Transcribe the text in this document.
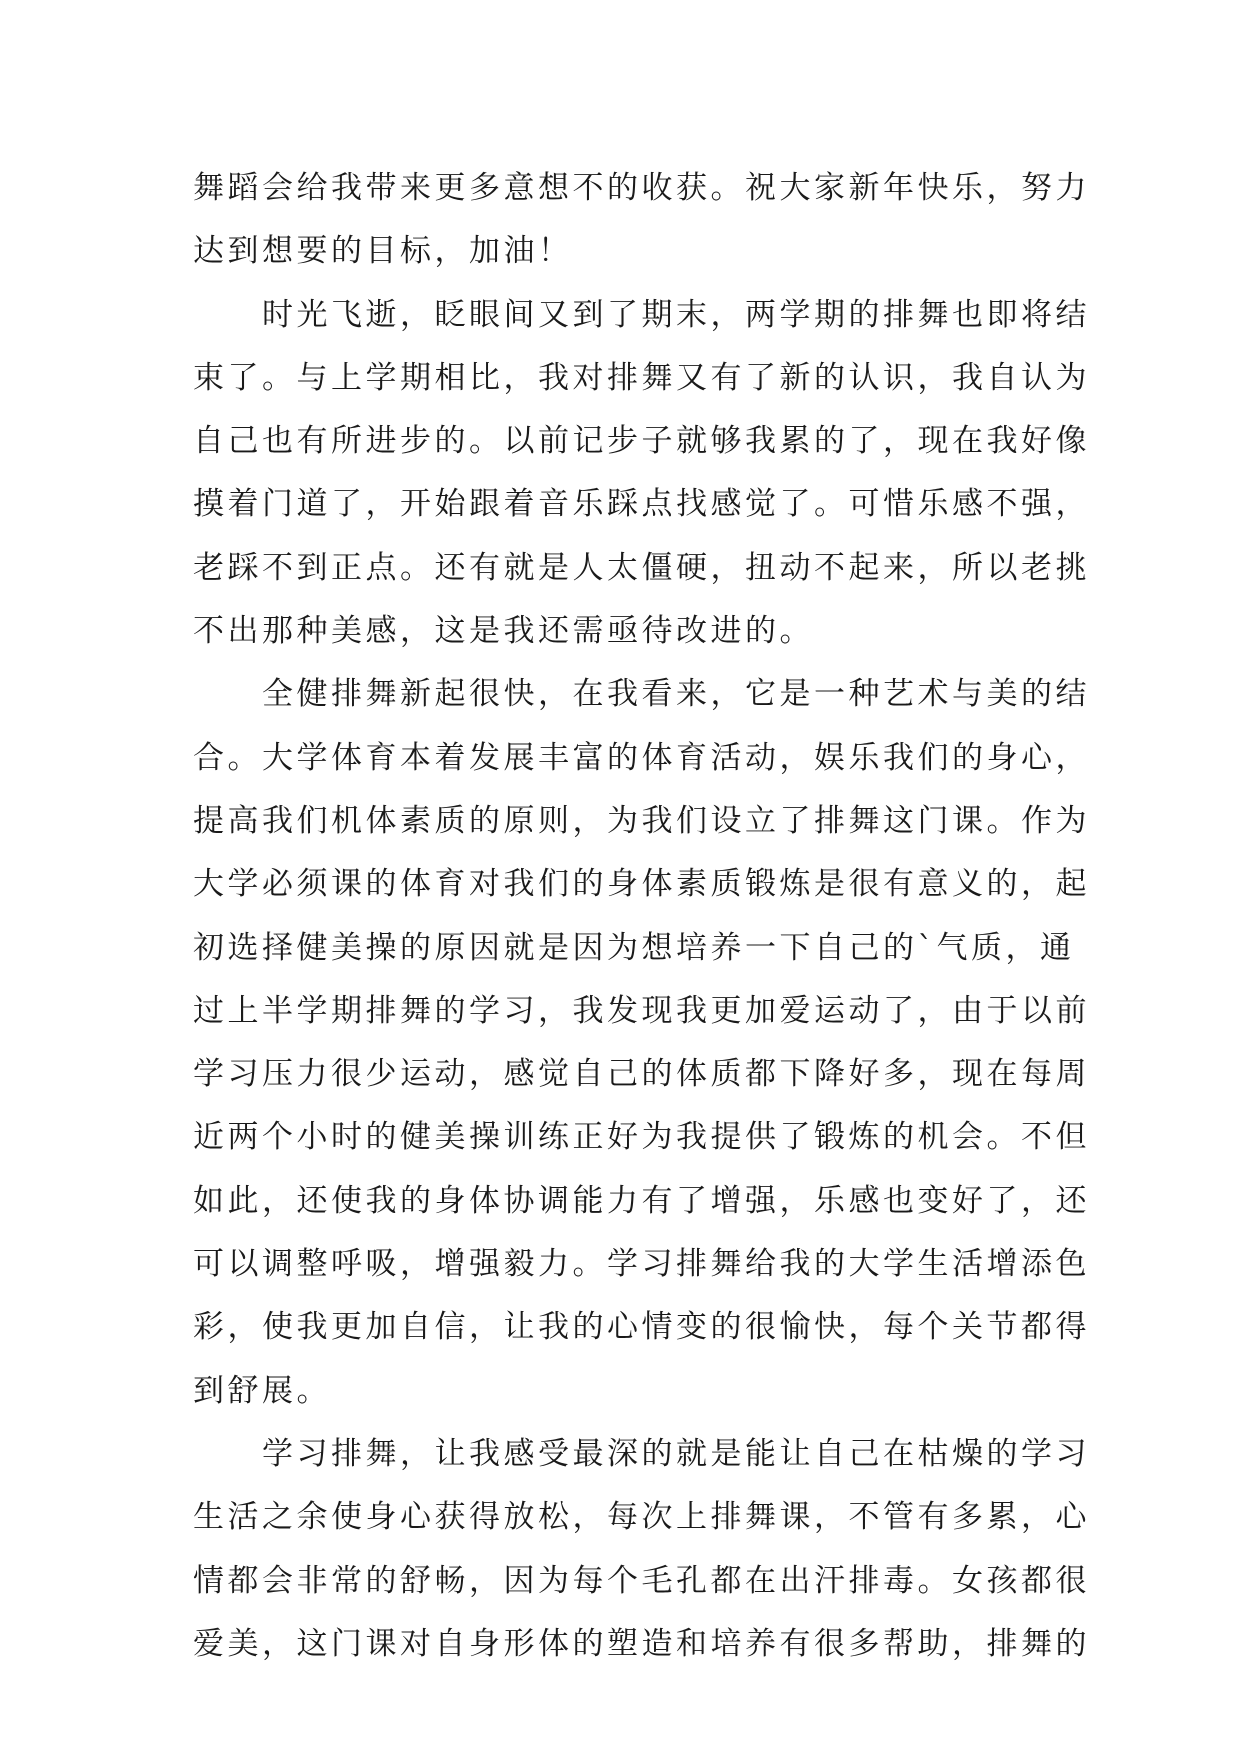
舞蹈会给我带来更多意想不的收获。祝大家新年快乐，努力
达到想要的目标，加油！
时光飞逝，眨眼间又到了期末，两学期的排舞也即将结
束了。与上学期相比，我对排舞又有了新的认识，我自认为
自己也有所进步的。以前记步子就够我累的了，现在我好像
摸着门道了，开始跟着音乐踩点找感觉了。可惜乐感不强，
老踩不到正点。还有就是人太僵硬，扭动不起来，所以老挑
不出那种美感，这是我还需亟待改进的。
全健排舞新起很快，在我看来，它是一种艺术与美的结
合。大学体育本着发展丰富的体育活动，娱乐我们的身心，
提高我们机体素质的原则，为我们设立了排舞这门课。作为
大学必须课的体育对我们的身体素质锻炼是很有意义的，起
初选择健美操的原因就是因为想培养一下自己的`气质，通
过上半学期排舞的学习，我发现我更加爱运动了，由于以前
学习压力很少运动，感觉自己的体质都下降好多，现在每周
近两个小时的健美操训练正好为我提供了锻炼的机会。不但
如此，还使我的身体协调能力有了增强，乐感也变好了，还
可以调整呼吸，增强毅力。学习排舞给我的大学生活增添色
彩，使我更加自信，让我的心情变的很愉快，每个关节都得
到舒展。
学习排舞，让我感受最深的就是能让自己在枯燥的学习
生活之余使身心获得放松，每次上排舞课，不管有多累，心
情都会非常的舒畅，因为每个毛孔都在出汗排毒。女孩都很
爱美，这门课对自身形体的塑造和培养有很多帮助，排舞的
